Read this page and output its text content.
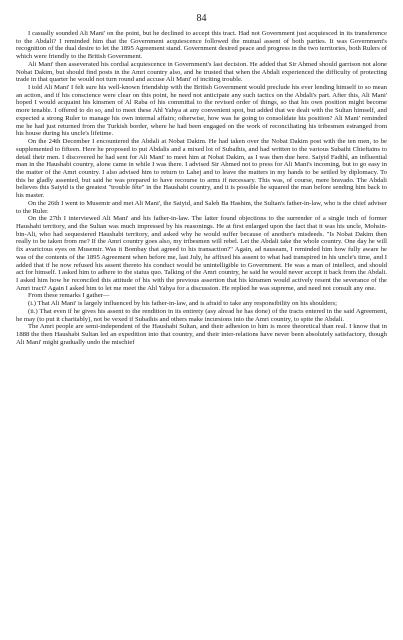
84

I casually sounded Ali Mani' on the point, but he declined to accept this tract. Had not Government just acquiesced in its transference to the Abdali? I reminded him that the Government acquiescence followed the mutual assent of both parties. It was Government's recognition of the dual desire to let the 1895 Agreement stand. Government desired peace and progress in the two territories, both Rulers of which were friendly to the British Government.

Ali Mani' then asseverated his cordial acquiescence in Government's last decision. He added that Sir Ahmed should garrison not alone Nobat Dakim, but should find posts in the Amri country also, and he trusted that when the Abdali experienced the difficulty of protecting trade in that quarter he would not turn round and accuse Ali Mani' of inciting trouble.

I told Ali Mani' I felt sure his well-known friendship with the British Government would preclude his ever lending himself to so mean an action, and if his conscience were clear on this point, he need not anticipate any such tactics on the Abdali's part. After this, Ali Mani' hoped I would acquaint his kinsmen of Al Raba of his committal to the revised order of things, so that his own position might become more tenable. I offered to do so, and to meet these Ahl Yahya at any convenient spot, but added that we dealt with the Sultan himself, and expected a strong Ruler to manage his own internal affairs; otherwise, how was he going to consolidate his position? Ali Mani' reminded me he had just returned from the Turkish border, where he had been engaged on the work of reconciliating his tribesmen estranged from his house during his uncle's lifetime.

On the 24th December I encountered the Abdali at Nobat Dakim. He had taken over the Nobat Dakim post with the ten men, to be supplemented to fifteen. Here he proposed to put Abdalis and a mixed lot of Subaihis, and had written to the various Subaihi Chieftains to detail their men. I discovered he had sent for Ali Mani' to meet him at Nobat Dakim, as I was then due here. Saiyid Fadthl, an influential man in the Haushabi country, alone came in while I was there. I advised Sir Ahmed not to press for Ali Mani's incoming, but to go easy in the matter of the Amri country. I also advised him to return to Lahej and to leave the matters in my hands to be settled by diplomacy. To this he gladly assented, but said he was prepared to have recourse to arms if necessary. This was, of course, mere bravado. The Abdali believes this Saiyid is the greatest "trouble fête" in the Haushabi country, and it is possible he squared the man before sending him back to his master.

On the 26th I went to Musemir and met Ali Mani', the Saiyid, and Saleh Ba Hashim, the Sultan's father-in-law, who is the chief adviser to the Ruler.

On the 27th I interviewed Ali Mani' and his father-in-law. The latter found objections to the surrender of a single inch of former Haushabi territory, and the Sultan was much impressed by his reasonings. He at first enlarged upon the fact that it was his uncle, Mohsin-bin-Ali, who had sequestered Haushabi territory, and asked why he would suffer because of another's misdeeds. "Is Nobat Dakim then really to be taken from me? If the Amri country goes also, my tribesmen will rebel. Let the Abdali take the whole country. One day he will fix avaricious eyes on Musemir. Was it Bombay that agreed to his transaction?" Again, ad nauseam, I reminded him how fully aware he was of the contents of the 1895 Agreement when before me, last July, he affixed his assent to what had transpired in his uncle's time, and I added that if he now refused his assent thereto his conduct would be unintelligible to Government. He was a man of intellect, and should act for himself. I asked him to adhere to the status quo. Talking of the Amri country, he said he would never accept it back from the Abdali. I asked him how he reconciled this attitude of his with the previous assertion that his kinsmen would actively resent the severance of the Amri tract? Again I asked him to let me meet the Ahl Yahya for a discussion. He replied he was supreme, and need not consult any one.

From these remarks I gather—

(i.) That Ali Mani' is largely influenced by his father-in-law, and is afraid to take any responsibility on his shoulders;

(ii.) That even if he gives his assent to the rendition in its entirety (asy alread he has done) of the tracts entered in the said Agreement, he may (to put it charitably), not be vexed if Subaihis and others make incursions into the Amri country, to spite the Abdali.

The Amri people are semi-independent of the Haushabi Sultan, and their adhesion to him is more theoretical than real. I know that in 1888 the then Haushabi Sultan led an expedition into that country, and their inter-relations have never been absolutely satisfactory, though Ali Mani' might gradually undo the mischief
